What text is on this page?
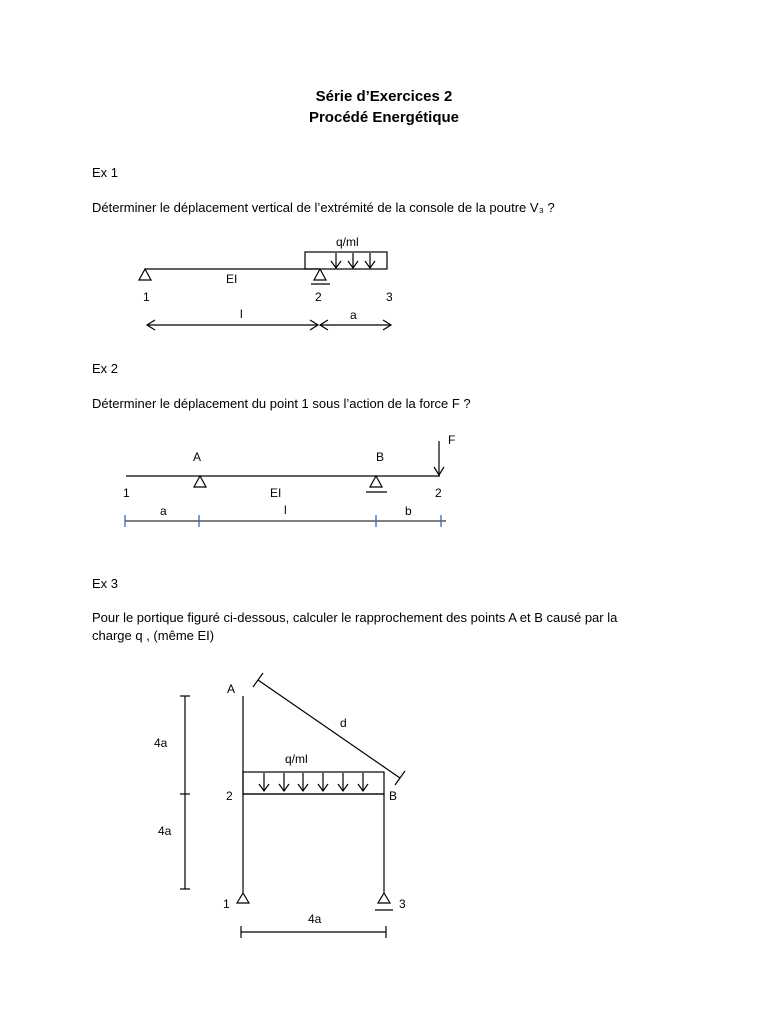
Série d’Exercices 2
Procédé Energétique
Ex 1
Déterminer le déplacement vertical de l’extrémité de la console de la poutre V₃ ?
q/ml
EI
1	2	3
l	a
Ex 2
Déterminer le déplacement du point 1 sous l’action de la force F ?
F
A	B
1	EI	2
a	l	b
Ex 3
Pour le portique figuré ci-dessous, calculer le rapprochement des points A et B causé par la
charge q , (même EI)
A
B
2
1	3
q/ml
d
4a
4a
4a
